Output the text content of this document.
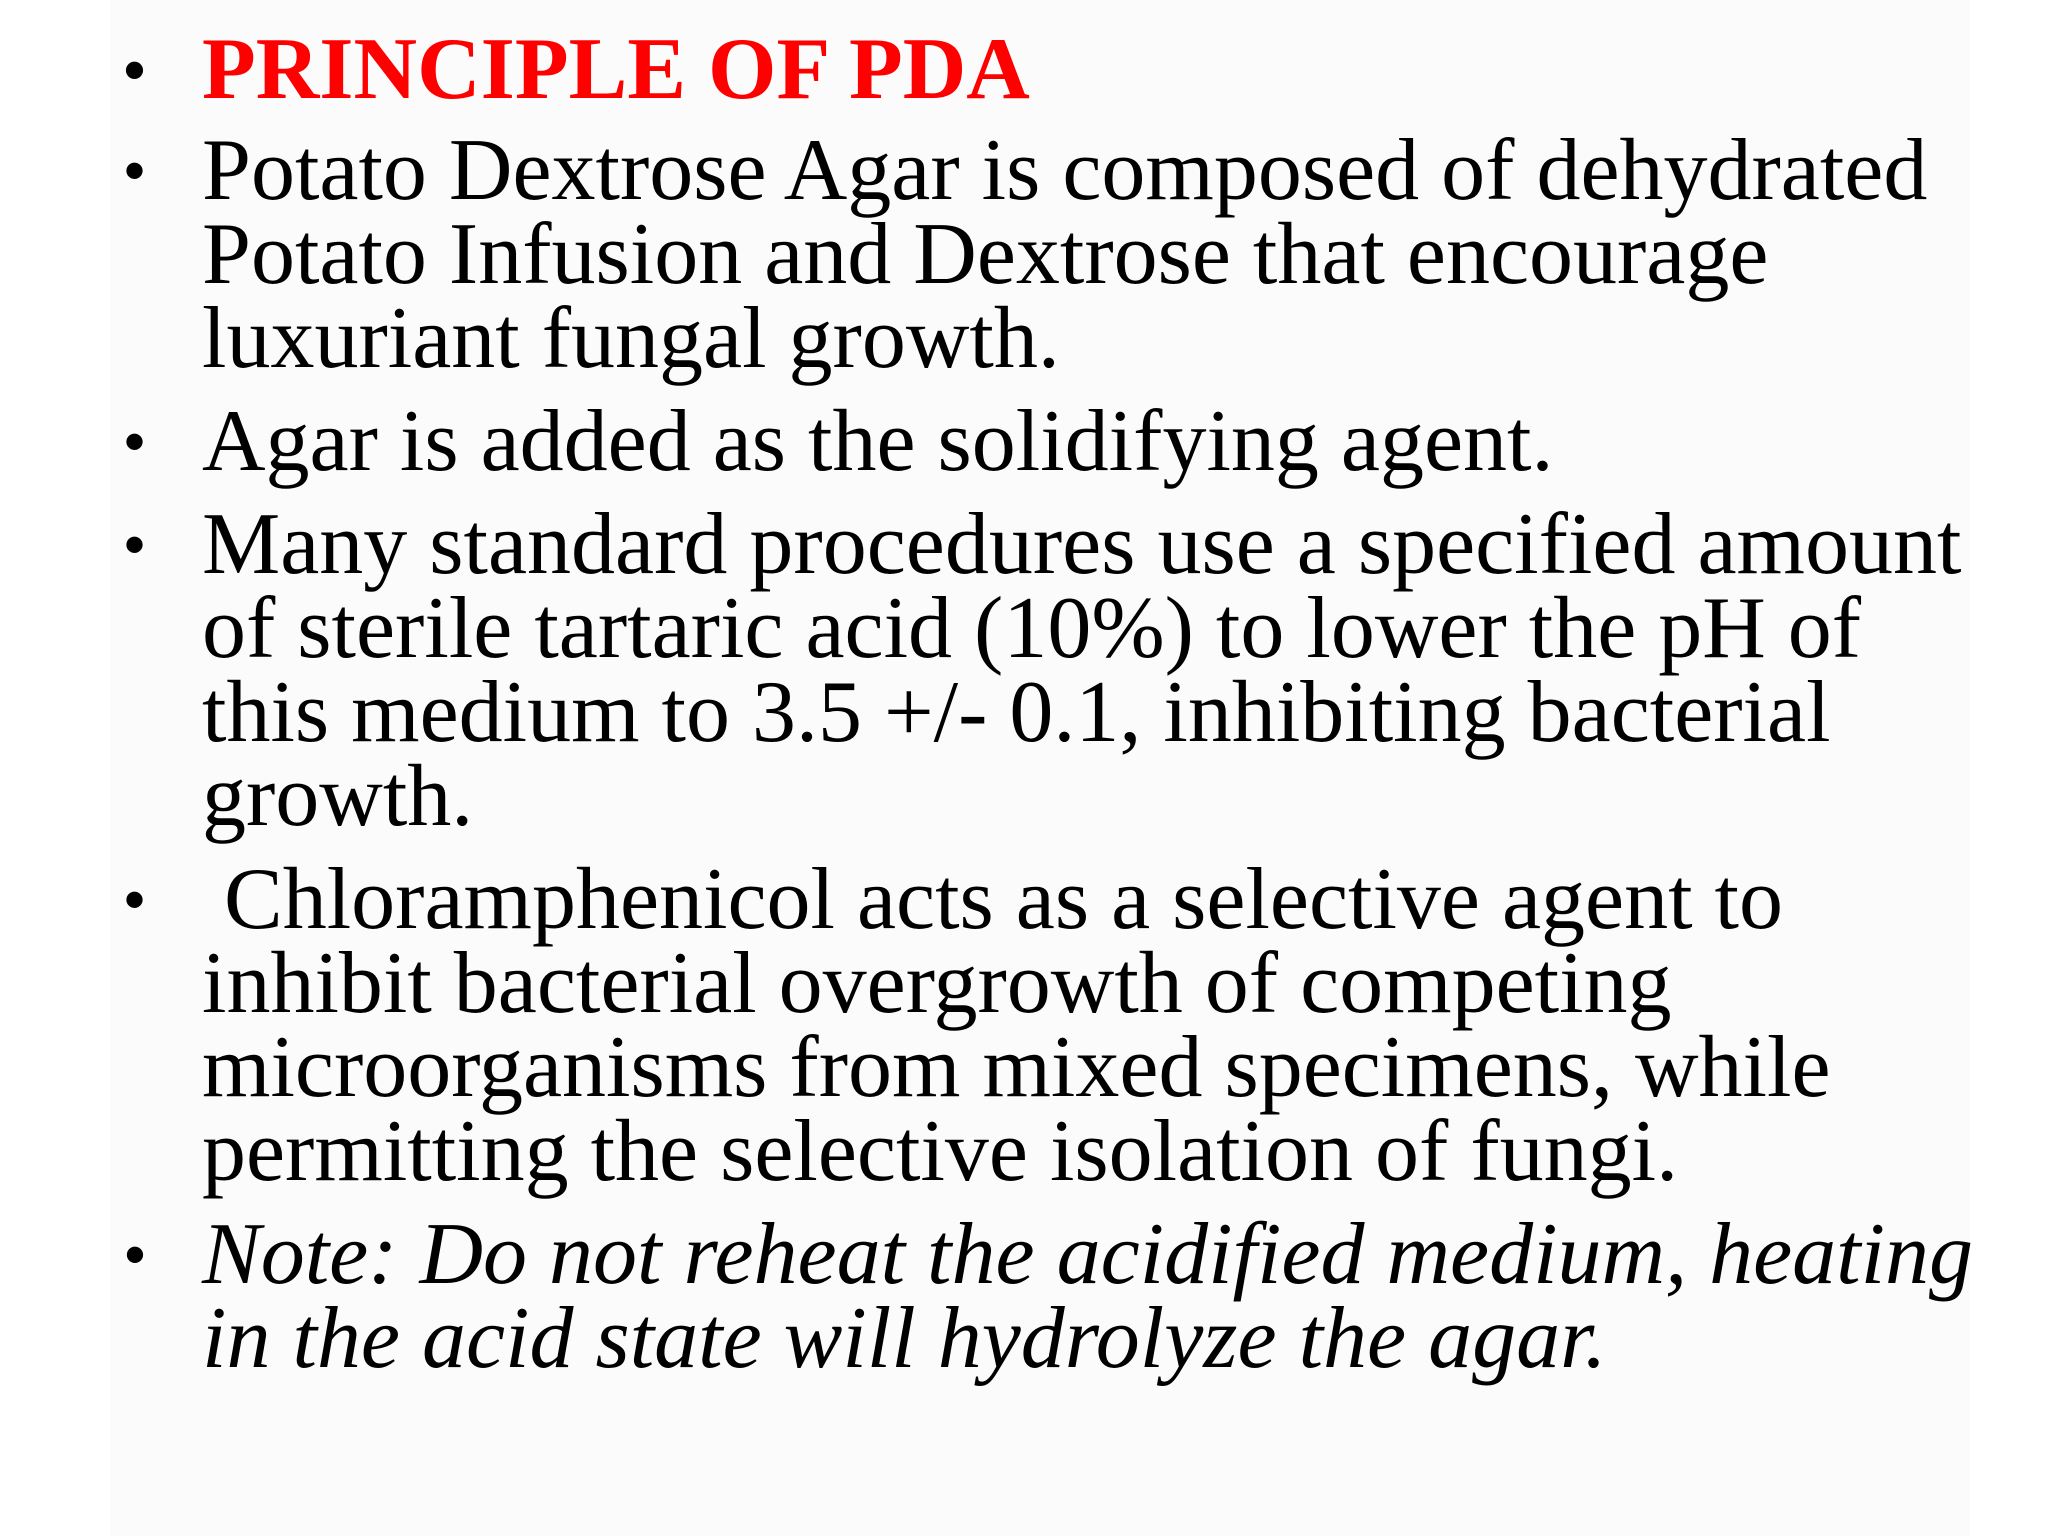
• PRINCIPLE OF PDA
• Potato Dextrose Agar is composed of dehydrated
Potato Infusion and Dextrose that encourage
luxuriant fungal growth.
• Agar is added as the solidifying agent.
• Many standard procedures use a specified amount
of sterile tartaric acid (10%) to lower the pH of
this medium to 3.5 +/- 0.1, inhibiting bacterial
growth.
• Chloramphenicol acts as a selective agent to
inhibit bacterial overgrowth of competing
microorganisms from mixed specimens, while
permitting the selective isolation of fungi.
• Note: Do not reheat the acidified medium, heating
in the acid state will hydrolyze the agar.
